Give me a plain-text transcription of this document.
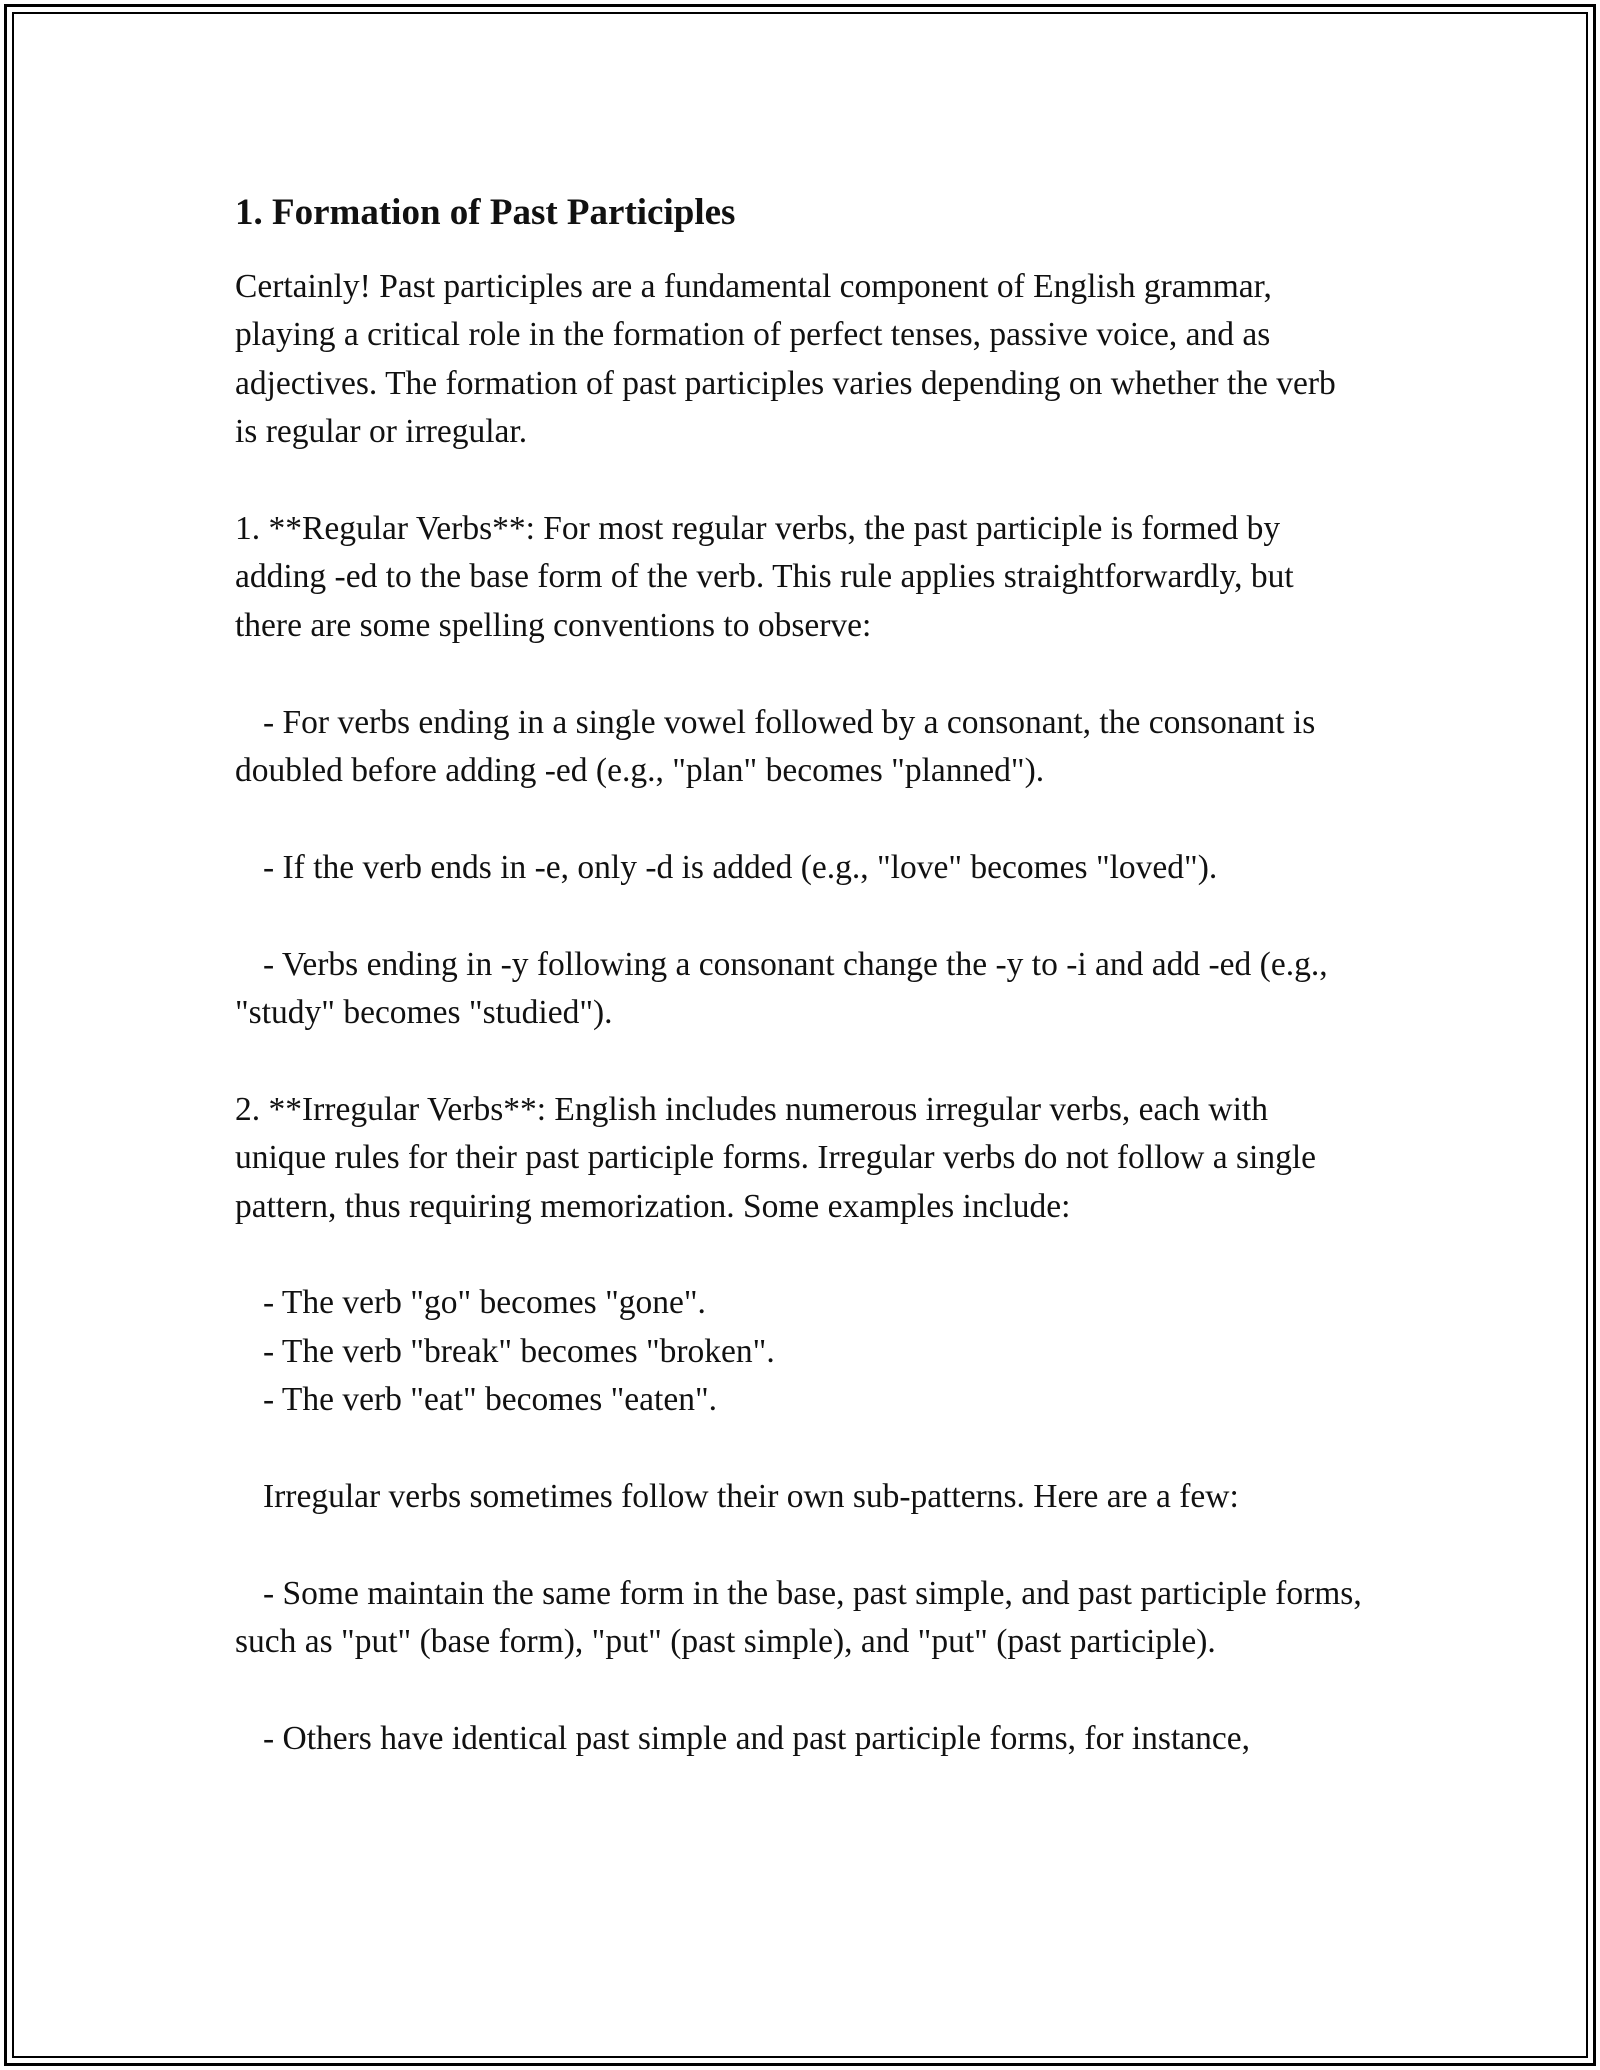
1. Formation of Past Participles

Certainly! Past participles are a fundamental component of English grammar, playing a critical role in the formation of perfect tenses, passive voice, and as adjectives. The formation of past participles varies depending on whether the verb is regular or irregular.

1. **Regular Verbs**: For most regular verbs, the past participle is formed by adding -ed to the base form of the verb. This rule applies straightforwardly, but there are some spelling conventions to observe:

- For verbs ending in a single vowel followed by a consonant, the consonant is doubled before adding -ed (e.g., "plan" becomes "planned").

- If the verb ends in -e, only -d is added (e.g., "love" becomes "loved").

- Verbs ending in -y following a consonant change the -y to -i and add -ed (e.g., "study" becomes "studied").

2. **Irregular Verbs**: English includes numerous irregular verbs, each with unique rules for their past participle forms. Irregular verbs do not follow a single pattern, thus requiring memorization. Some examples include:

- The verb "go" becomes "gone".

- The verb "break" becomes "broken".

- The verb "eat" becomes "eaten".

Irregular verbs sometimes follow their own sub-patterns. Here are a few:

- Some maintain the same form in the base, past simple, and past participle forms, such as "put" (base form), "put" (past simple), and "put" (past participle).

- Others have identical past simple and past participle forms, for instance,
